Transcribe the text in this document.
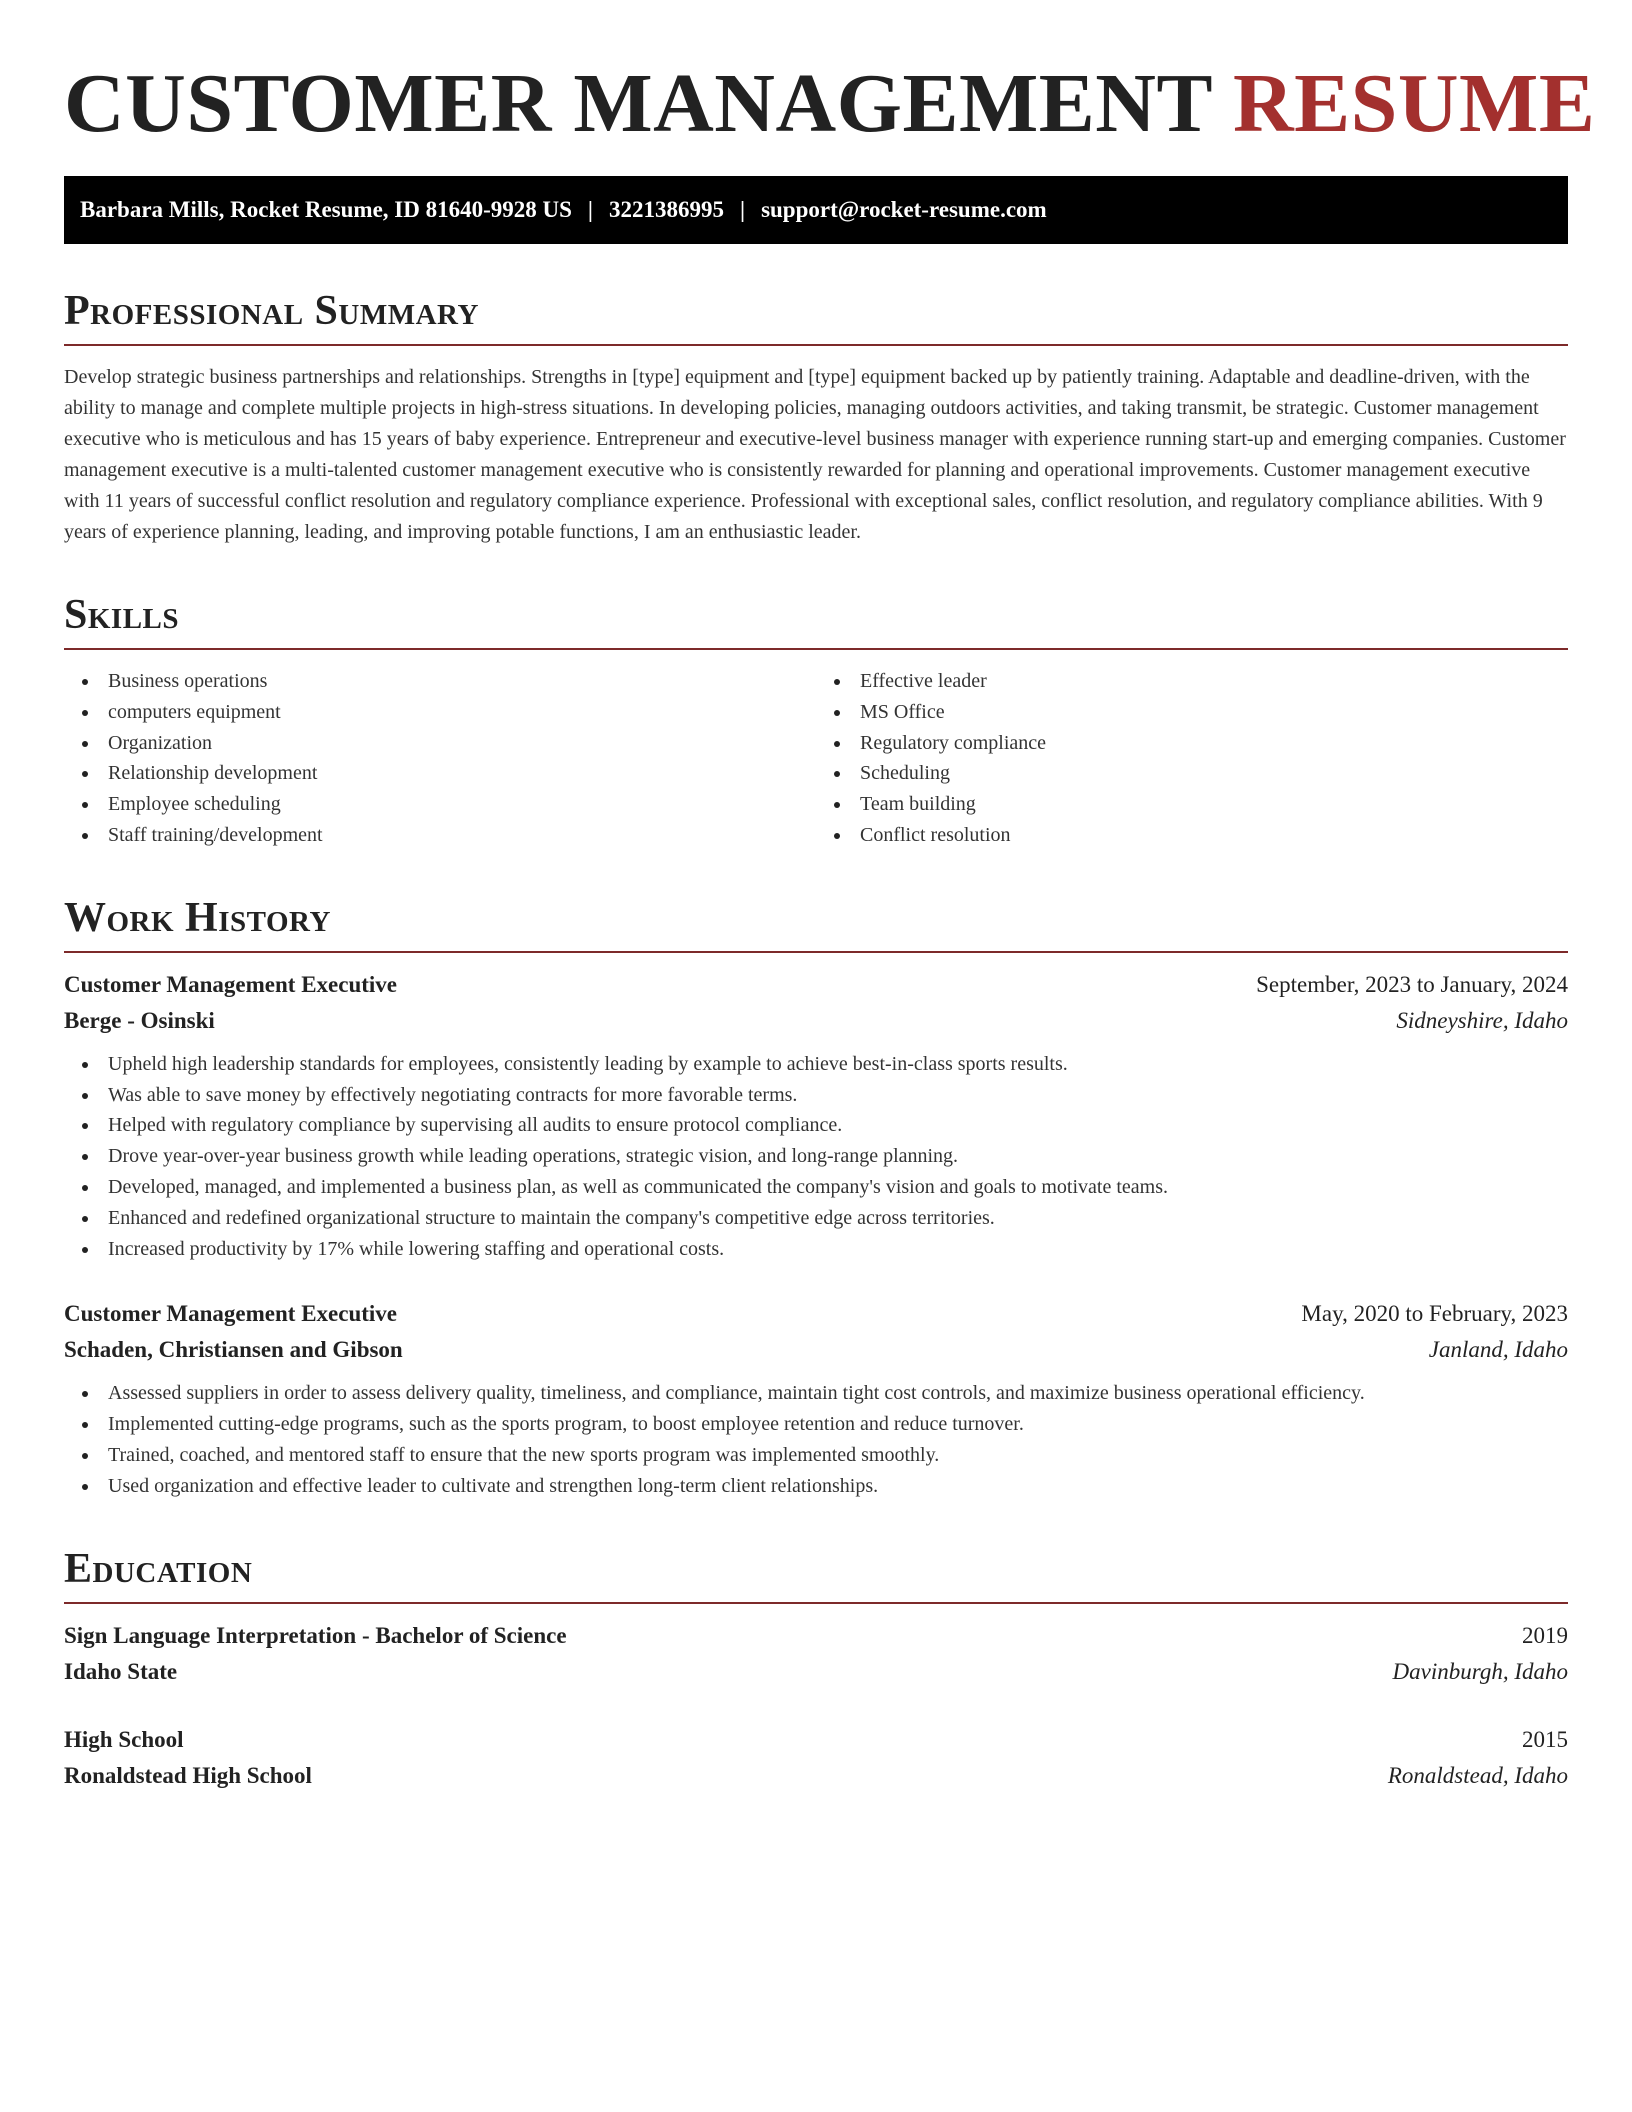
CUSTOMER MANAGEMENT RESUME
Barbara Mills, Rocket Resume, ID 81640-9928 US | 3221386995 | support@rocket-resume.com
Professional Summary

Develop strategic business partnerships and relationships. Strengths in [type] equipment and [type] equipment backed up by patiently training. Adaptable and deadline-driven, with the ability to manage and complete multiple projects in high-stress situations. In developing policies, managing outdoors activities, and taking transmit, be strategic. Customer management executive who is meticulous and has 15 years of baby experience. Entrepreneur and executive-level business manager with experience running start-up and emerging companies. Customer management executive is a multi-talented customer management executive who is consistently rewarded for planning and operational improvements. Customer management executive with 11 years of successful conflict resolution and regulatory compliance experience. Professional with exceptional sales, conflict resolution, and regulatory compliance abilities. With 9 years of experience planning, leading, and improving potable functions, I am an enthusiastic leader.

Skills
Business operations
computers equipment
Organization
Relationship development
Employee scheduling
Staff training/development
Effective leader
MS Office
Regulatory compliance
Scheduling
Team building
Conflict resolution
Work History
Customer Management Executive	September, 2023 to January, 2024
Berge - Osinski	Sidneyshire, Idaho
Upheld high leadership standards for employees, consistently leading by example to achieve best-in-class sports results.
Was able to save money by effectively negotiating contracts for more favorable terms.
Helped with regulatory compliance by supervising all audits to ensure protocol compliance.
Drove year-over-year business growth while leading operations, strategic vision, and long-range planning.
Developed, managed, and implemented a business plan, as well as communicated the company's vision and goals to motivate teams.
Enhanced and redefined organizational structure to maintain the company's competitive edge across territories.
Increased productivity by 17% while lowering staffing and operational costs.
Customer Management Executive	May, 2020 to February, 2023
Schaden, Christiansen and Gibson	Janland, Idaho
Assessed suppliers in order to assess delivery quality, timeliness, and compliance, maintain tight cost controls, and maximize business operational efficiency.
Implemented cutting-edge programs, such as the sports program, to boost employee retention and reduce turnover.
Trained, coached, and mentored staff to ensure that the new sports program was implemented smoothly.
Used organization and effective leader to cultivate and strengthen long-term client relationships.
Education
Sign Language Interpretation - Bachelor of Science	2019
Idaho State	Davinburgh, Idaho
High School	2015
Ronaldstead High School	Ronaldstead, Idaho
